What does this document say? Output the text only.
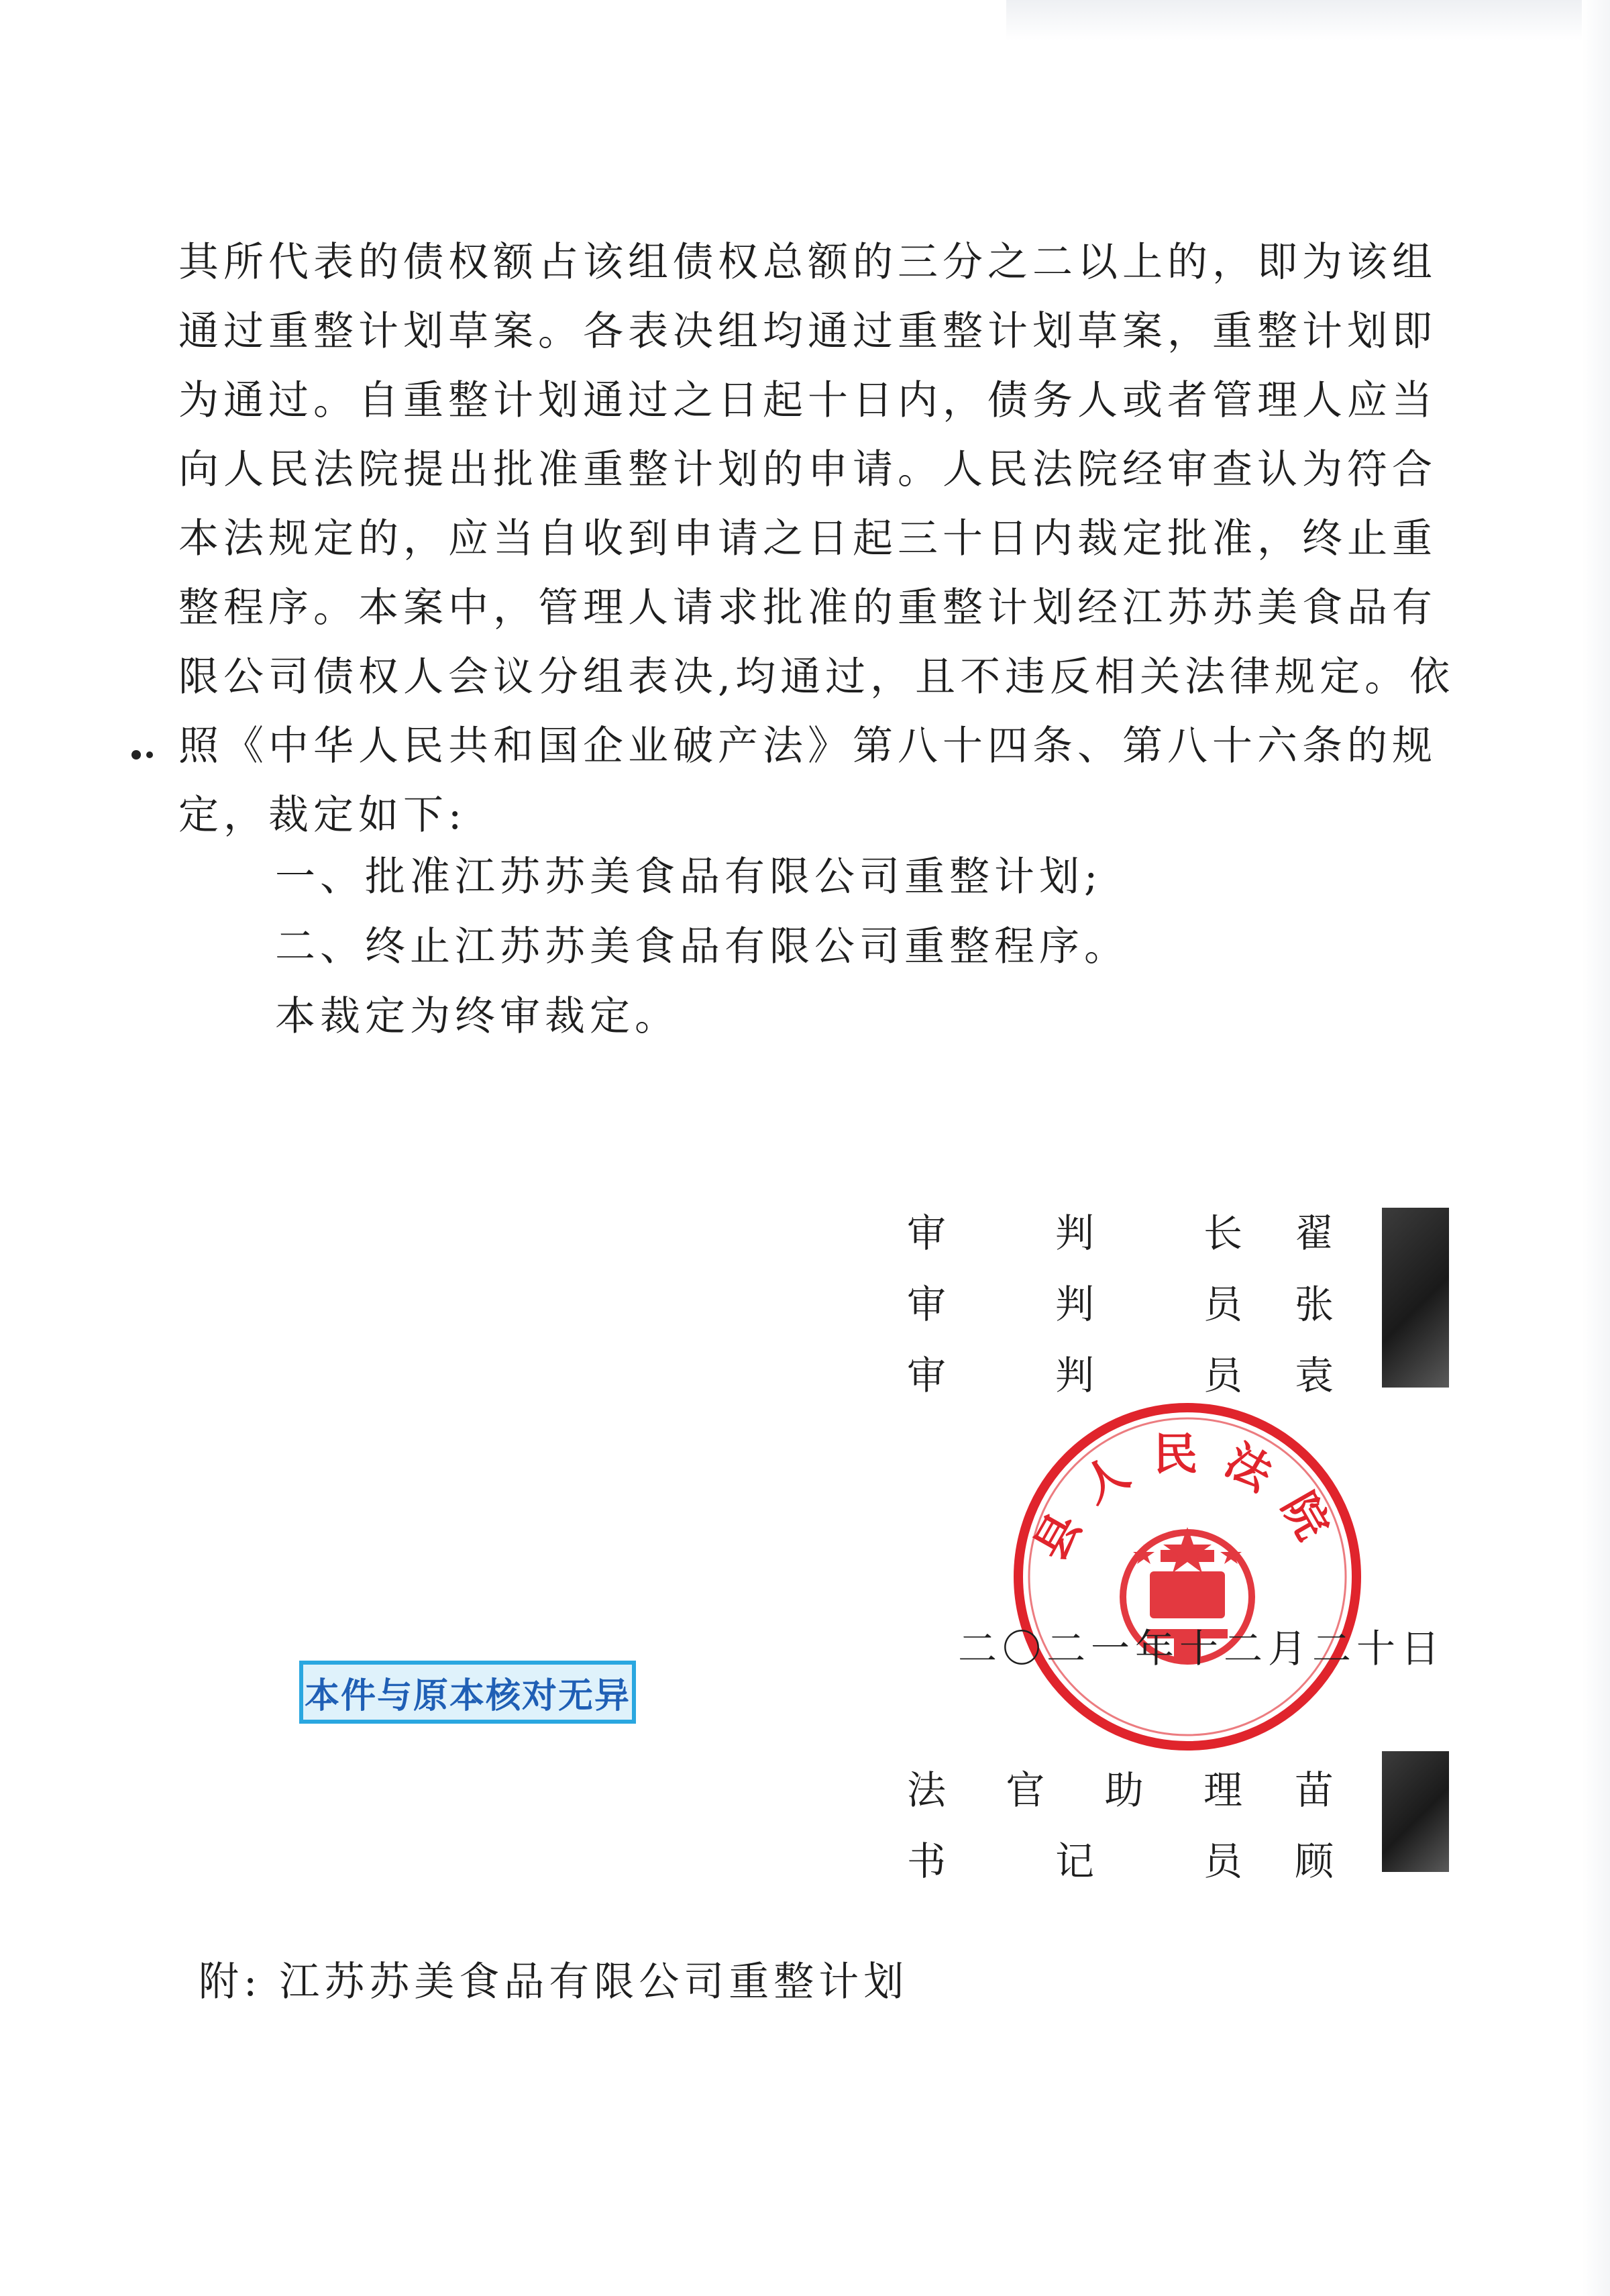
其所代表的债权额占该组债权总额的三分之二以上的，即为该组
通过重整计划草案。各表决组均通过重整计划草案，重整计划即
为通过。自重整计划通过之日起十日内，债务人或者管理人应当
向人民法院提出批准重整计划的申请。人民法院经审查认为符合
本法规定的，应当自收到申请之日起三十日内裁定批准，终止重
整程序。本案中，管理人请求批准的重整计划经江苏苏美食品有
限公司债权人会议分组表决,均通过，且不违反相关法律规定。依
照《中华人民共和国企业破产法》第八十四条、第八十六条的规
定，裁定如下:
一、批准江苏苏美食品有限公司重整计划;
二、终止江苏苏美食品有限公司重整程序。
本裁定为终审裁定。
县人民法院
审	判	长 翟
审	判	员 张
审	判	员 袁
二〇二一年十二月二十日
本件与原本核对无异
法 官 助 理 苗
书	记	员 顾
附: 江苏苏美食品有限公司重整计划
